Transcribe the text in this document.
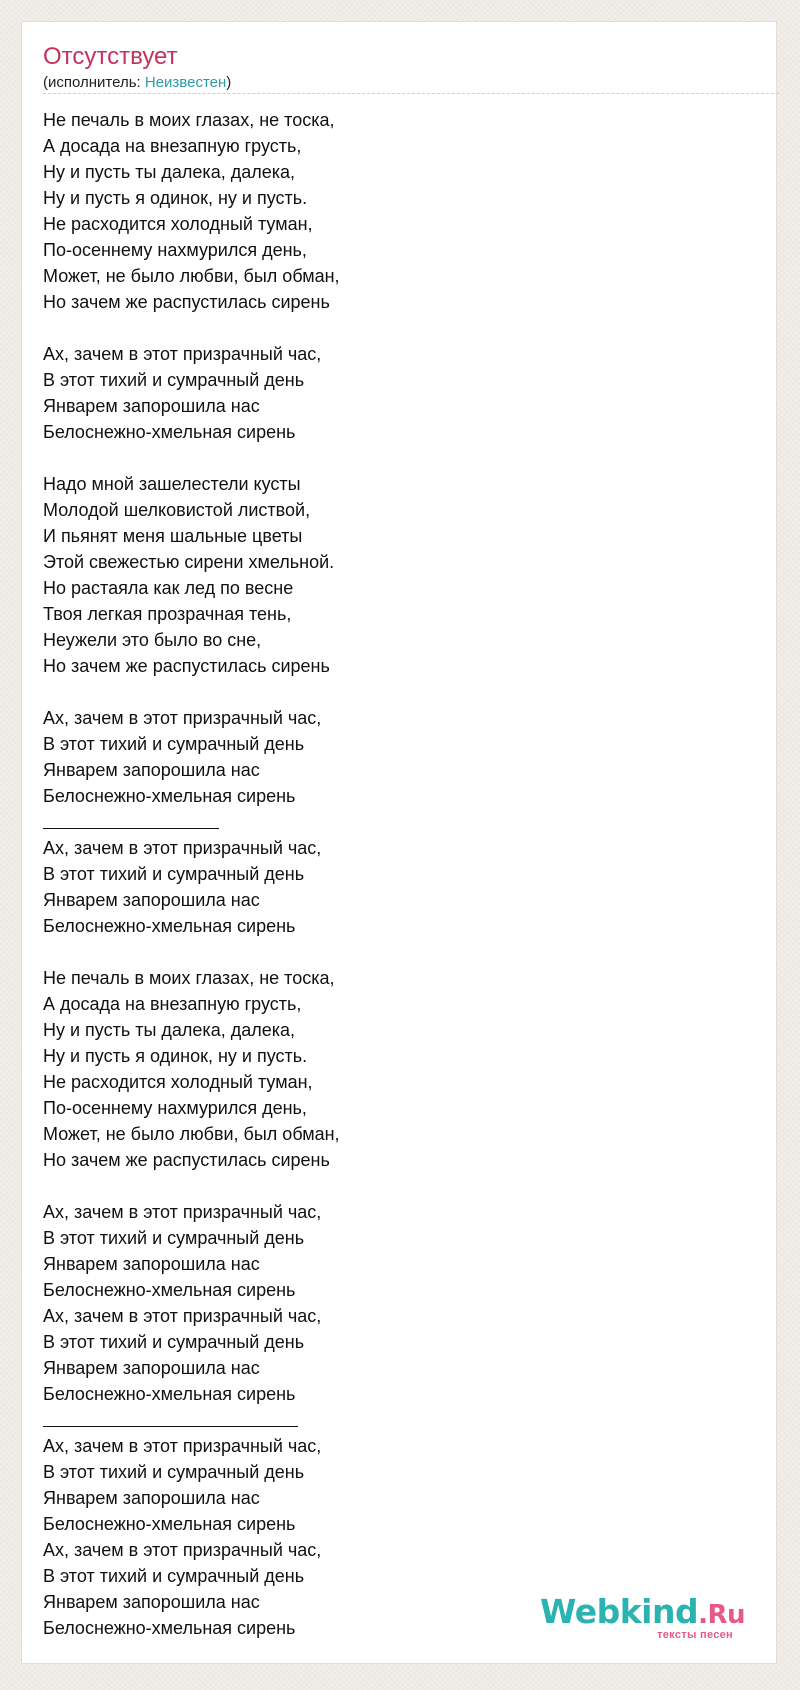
Отсутствует
(исполнитель: Неизвестен)
Не печаль в моих глазах, не тоска,
А досада на внезапную грусть,
Ну и пусть ты далека, далека,
Ну и пусть я одинок, ну и пусть.
Не расходится холодный туман,
По-осеннему нахмурился день,
Может, не было любви, был обман,
Но зачем же распустилась сирень
Ах, зачем в этот призрачный час,
В этот тихий и сумрачный день
Январем запорошила нас
Белоснежно-хмельная сирень
Надо мной зашелестели кусты
Молодой шелковистой листвой,
И пьянят меня шальные цветы
Этой свежестью сирени хмельной.
Но растаяла как лед по весне
Твоя легкая прозрачная тень,
Неужели это было во сне,
Но зачем же распустилась сирень
Ах, зачем в этот призрачный час,
В этот тихий и сумрачный день
Январем запорошила нас
Белоснежно-хмельная сирень
Ах, зачем в этот призрачный час,
В этот тихий и сумрачный день
Январем запорошила нас
Белоснежно-хмельная сирень
Не печаль в моих глазах, не тоска,
А досада на внезапную грусть,
Ну и пусть ты далека, далека,
Ну и пусть я одинок, ну и пусть.
Не расходится холодный туман,
По-осеннему нахмурился день,
Может, не было любви, был обман,
Но зачем же распустилась сирень
Ах, зачем в этот призрачный час,
В этот тихий и сумрачный день
Январем запорошила нас
Белоснежно-хмельная сирень
Ах, зачем в этот призрачный час,
В этот тихий и сумрачный день
Январем запорошила нас
Белоснежно-хмельная сирень
Ах, зачем в этот призрачный час,
В этот тихий и сумрачный день
Январем запорошила нас
Белоснежно-хмельная сирень
Ах, зачем в этот призрачный час,
В этот тихий и сумрачный день
Январем запорошила нас
Белоснежно-хмельная сирень	Webkind.Ru
тексты песен
